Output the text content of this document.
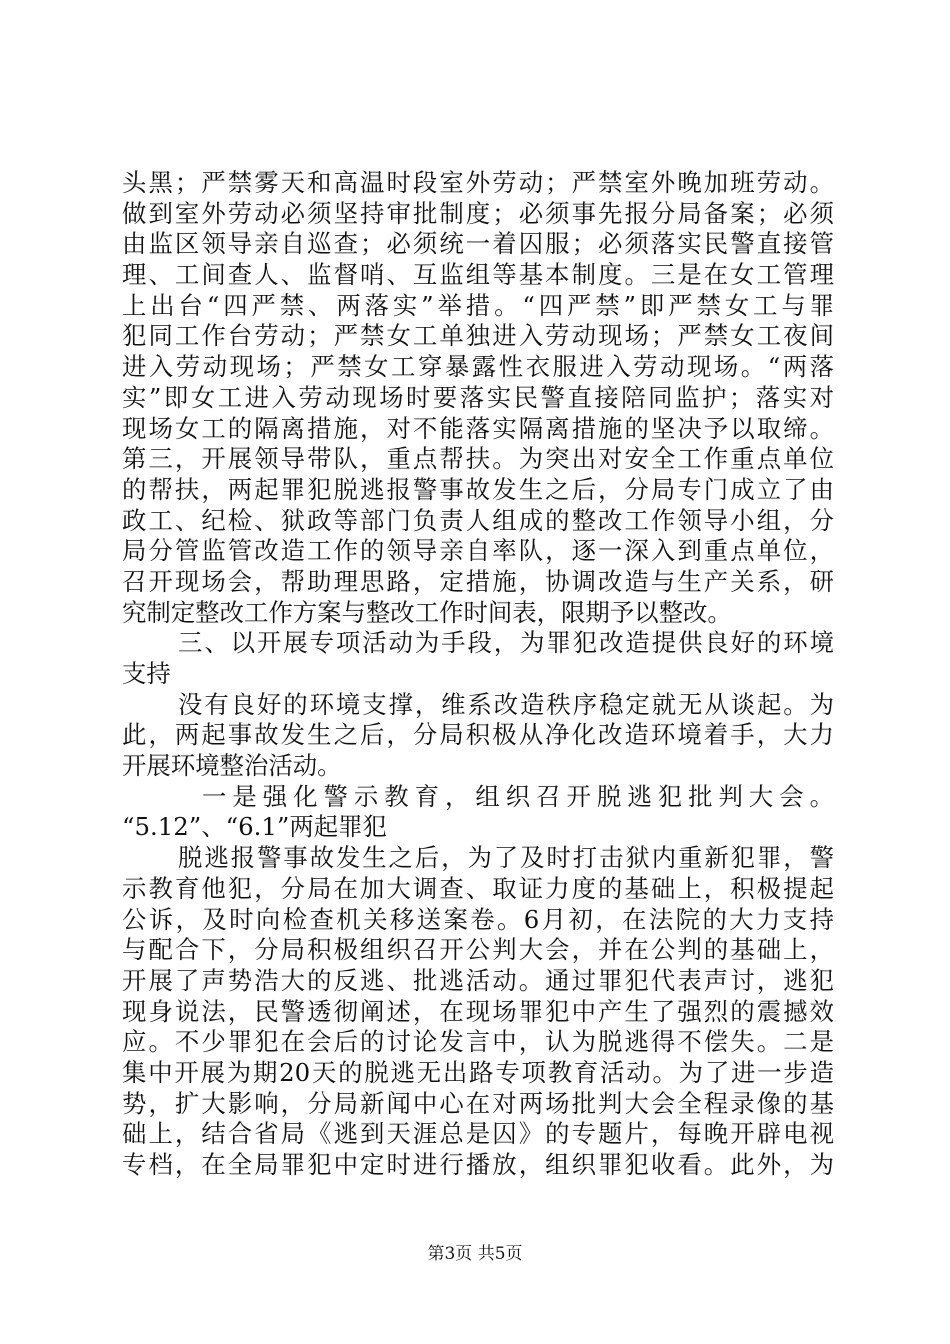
头黑；严禁雾天和高温时段室外劳动；严禁室外晚加班劳动。
做到室外劳动必须坚持审批制度；必须事先报分局备案；必须
由监区领导亲自巡查；必须统一着囚服；必须落实民警直接管
理、工间查人、监督哨、互监组等基本制度。三是在女工管理
上出台“四严禁、两落实”举措。“四严禁”即严禁女工与罪
犯同工作台劳动；严禁女工单独进入劳动现场；严禁女工夜间
进入劳动现场；严禁女工穿暴露性衣服进入劳动现场。“两落
实”即女工进入劳动现场时要落实民警直接陪同监护；落实对
现场女工的隔离措施，对不能落实隔离措施的坚决予以取缔。
第三，开展领导带队，重点帮扶。为突出对安全工作重点单位
的帮扶，两起罪犯脱逃报警事故发生之后，分局专门成立了由
政工、纪检、狱政等部门负责人组成的整改工作领导小组，分
局分管监管改造工作的领导亲自率队，逐一深入到重点单位，
召开现场会，帮助理思路，定措施，协调改造与生产关系，研
究制定整改工作方案与整改工作时间表，限期予以整改。
三、以开展专项活动为手段，为罪犯改造提供良好的环境
支持
没有良好的环境支撑，维系改造秩序稳定就无从谈起。为
此，两起事故发生之后，分局积极从净化改造环境着手，大力
开展环境整治活动。
一是强化警示教育，组织召开脱逃犯批判大会。
“5.12”、“6.1”两起罪犯
脱逃报警事故发生之后，为了及时打击狱内重新犯罪，警
示教育他犯，分局在加大调查、取证力度的基础上，积极提起
公诉，及时向检查机关移送案卷。6月初，在法院的大力支持
与配合下，分局积极组织召开公判大会，并在公判的基础上，
开展了声势浩大的反逃、批逃活动。通过罪犯代表声讨，逃犯
现身说法，民警透彻阐述，在现场罪犯中产生了强烈的震撼效
应。不少罪犯在会后的讨论发言中，认为脱逃得不偿失。二是
集中开展为期20天的脱逃无出路专项教育活动。为了进一步造
势，扩大影响，分局新闻中心在对两场批判大会全程录像的基
础上，结合省局《逃到天涯总是囚》的专题片，每晚开辟电视
专档，在全局罪犯中定时进行播放，组织罪犯收看。此外，为
第3页 共5页
